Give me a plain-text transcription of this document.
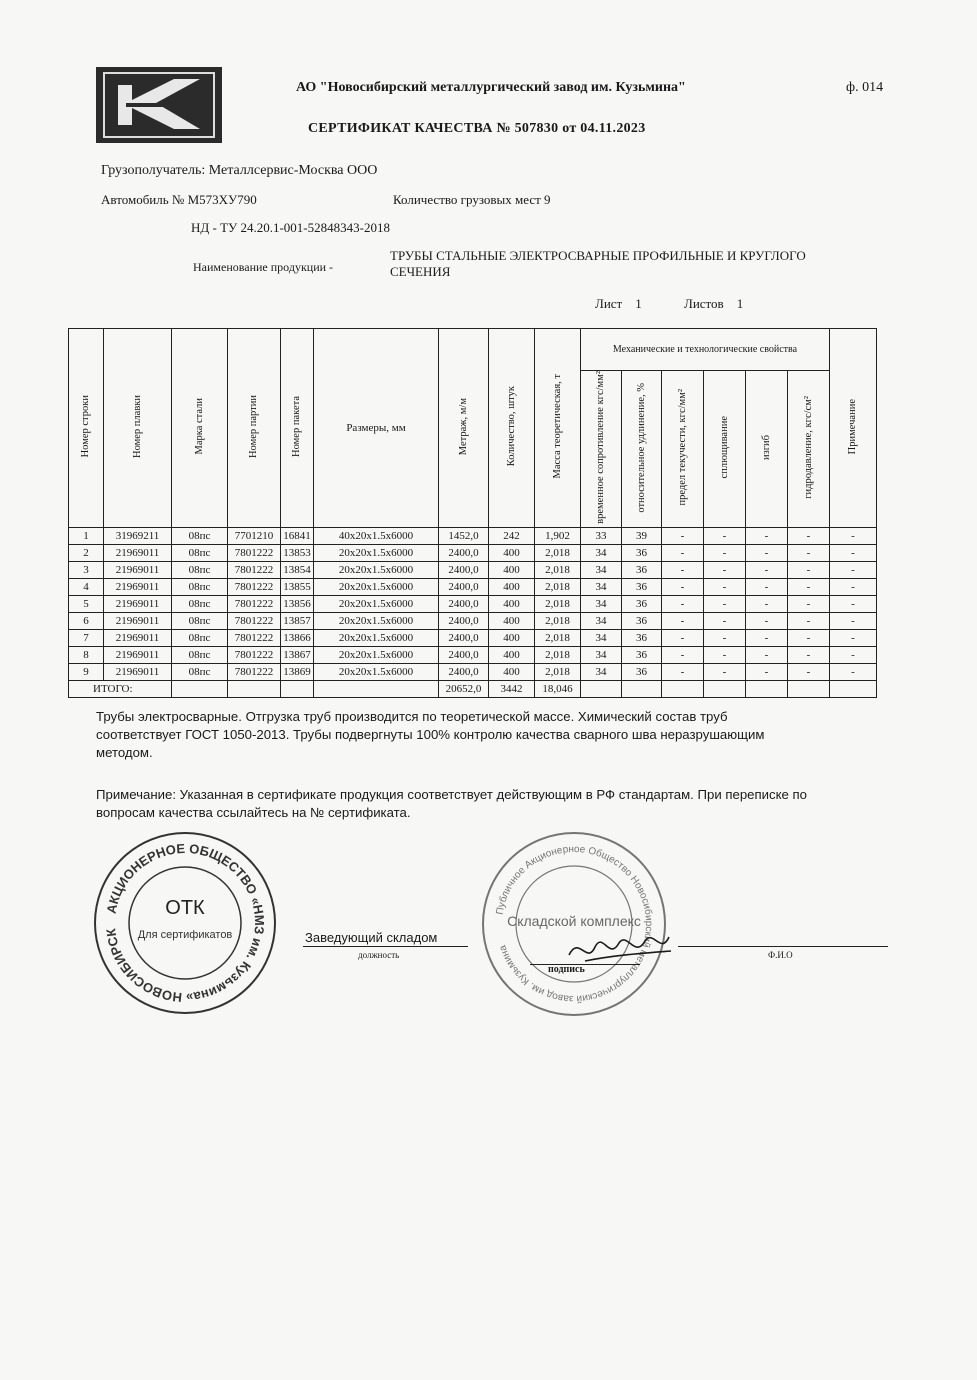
АО "Новосибирский металлургический завод им. Кузьмина"	ф. 014
СЕРТИФИКАТ КАЧЕСТВА № 507830 от 04.11.2023
Грузополучатель: Металлсервис-Москва ООО
Автомобиль № М573ХУ790	Количество грузовых мест 9
НД - ТУ 24.20.1-001-52848343-2018
Наименование продукции -
ТРУБЫ СТАЛЬНЫЕ ЭЛЕКТРОСВАРНЫЕ ПРОФИЛЬНЫЕ И КРУГЛОГО СЕЧЕНИЯ
Лист 1	Листов 1
Номер строки	Номер плавки	Марка стали	Номер партии	Номер пакета	Размеры, мм	Метраж, м/м	Количество, штук	Масса теоретическая, т	Механические и технологические свойства						Примечание
									временное сопротивление кгс/мм²	относительное удлинение, %	предел текучести, кгс/мм²	сплющивание	изгиб	гидродавление, кгс/см²	
1	31969211	08пс	7701210	16841	40х20х1.5х6000	1452,0	242	1,902	33	39	-	-	-	-	-
2	21969011	08пс	7801222	13853	20х20х1.5х6000	2400,0	400	2,018	34	36	-	-	-	-	-
3	21969011	08пс	7801222	13854	20х20х1.5х6000	2400,0	400	2,018	34	36	-	-	-	-	-
4	21969011	08пс	7801222	13855	20х20х1.5х6000	2400,0	400	2,018	34	36	-	-	-	-	-
5	21969011	08пс	7801222	13856	20х20х1.5х6000	2400,0	400	2,018	34	36	-	-	-	-	-
6	21969011	08пс	7801222	13857	20х20х1.5х6000	2400,0	400	2,018	34	36	-	-	-	-	-
7	21969011	08пс	7801222	13866	20х20х1.5х6000	2400,0	400	2,018	34	36	-	-	-	-	-
8	21969011	08пс	7801222	13867	20х20х1.5х6000	2400,0	400	2,018	34	36	-	-	-	-	-
9	21969011	08пс	7801222	13869	20х20х1.5х6000	2400,0	400	2,018	34	36	-	-	-	-	-
ИТОГО:						20652,0	3442	18,046							
Трубы электросварные. Отгрузка труб производится по теоретической массе. Химический состав труб соответствует ГОСТ 1050-2013. Трубы подвергнуты 100% контролю качества сварного шва неразрушающим методом.
Примечание: Указанная в сертификате продукция соответствует действующим в РФ стандартам. При переписке по вопросам качества ссылайтесь на № сертификата.
АКЦИОНЕРНОЕ ОБЩЕСТВО «НМЗ им. Кузьмина» НОВОСИБИРСК
ОТК
Для сертификатов
Публичное Акционерное Общество Новосибирский металлургический завод им. Кузьмина
Складской комплекс
Заведующий складом
должность
подпись
Ф.И.О
